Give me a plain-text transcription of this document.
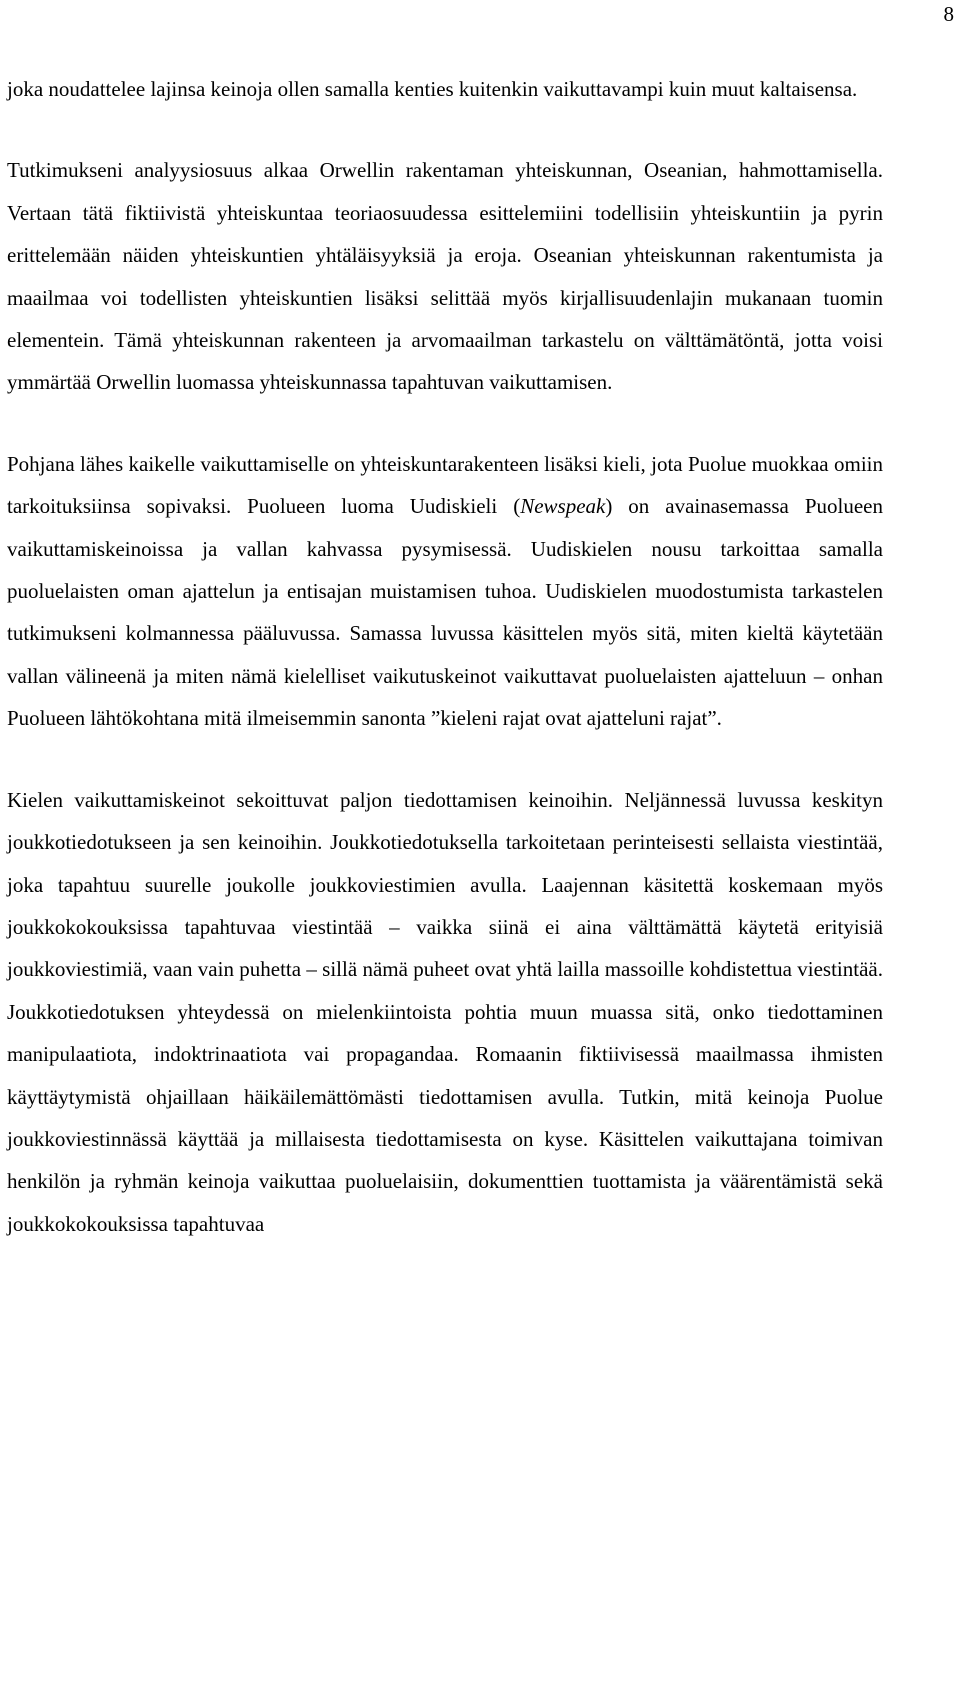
8

joka noudattelee lajinsa keinoja ollen samalla kenties kuitenkin vaikuttavampi kuin muut kaltaisensa.

Tutkimukseni analyysiosuus alkaa Orwellin rakentaman yhteiskunnan, Oseanian, hahmottamisella. Vertaan tätä fiktiivistä yhteiskuntaa teoriaosuudessa esittelemiini todellisiin yhteiskuntiin ja pyrin erittelemään näiden yhteiskuntien yhtäläisyyksiä ja eroja. Oseanian yhteiskunnan rakentumista ja maailmaa voi todellisten yhteiskuntien lisäksi selittää myös kirjallisuudenlajin mukanaan tuomin elementein. Tämä yhteiskunnan rakenteen ja arvomaailman tarkastelu on välttämätöntä, jotta voisi ymmärtää Orwellin luomassa yhteiskunnassa tapahtuvan vaikuttamisen.

Pohjana lähes kaikelle vaikuttamiselle on yhteiskuntarakenteen lisäksi kieli, jota Puolue muokkaa omiin tarkoituksiinsa sopivaksi. Puolueen luoma Uudiskieli (Newspeak) on avainasemassa Puolueen vaikuttamiskeinoissa ja vallan kahvassa pysymisessä. Uudiskielen nousu tarkoittaa samalla puoluelaisten oman ajattelun ja entisajan muistamisen tuhoa. Uudiskielen muodostumista tarkastelen tutkimukseni kolmannessa pääluvussa. Samassa luvussa käsittelen myös sitä, miten kieltä käytetään vallan välineenä ja miten nämä kielelliset vaikutuskeinot vaikuttavat puoluelaisten ajatteluun – onhan Puolueen lähtökohtana mitä ilmeisemmin sanonta ”kieleni rajat ovat ajatteluni rajat”.

Kielen vaikuttamiskeinot sekoittuvat paljon tiedottamisen keinoihin. Neljännessä luvussa keskityn joukkotiedotukseen ja sen keinoihin. Joukkotiedotuksella tarkoitetaan perinteisesti sellaista viestintää, joka tapahtuu suurelle joukolle joukkoviestimien avulla. Laajennan käsitettä koskemaan myös joukkokokouksissa tapahtuvaa viestintää – vaikka siinä ei aina välttämättä käytetä erityisiä joukkoviestimiä, vaan vain puhetta – sillä nämä puheet ovat yhtä lailla massoille kohdistettua viestintää. Joukkotiedotuksen yhteydessä on mielenkiintoista pohtia muun muassa sitä, onko tiedottaminen manipulaatiota, indoktrinaatiota vai propagandaa. Romaanin fiktiivisessä maailmassa ihmisten käyttäytymistä ohjaillaan häikäilemättömästi tiedottamisen avulla. Tutkin, mitä keinoja Puolue joukkoviestinnässä käyttää ja millaisesta tiedottamisesta on kyse. Käsittelen vaikuttajana toimivan henkilön ja ryhmän keinoja vaikuttaa puoluelaisiin, dokumenttien tuottamista ja väärentämistä sekä joukkokokouksissa tapahtuvaa
